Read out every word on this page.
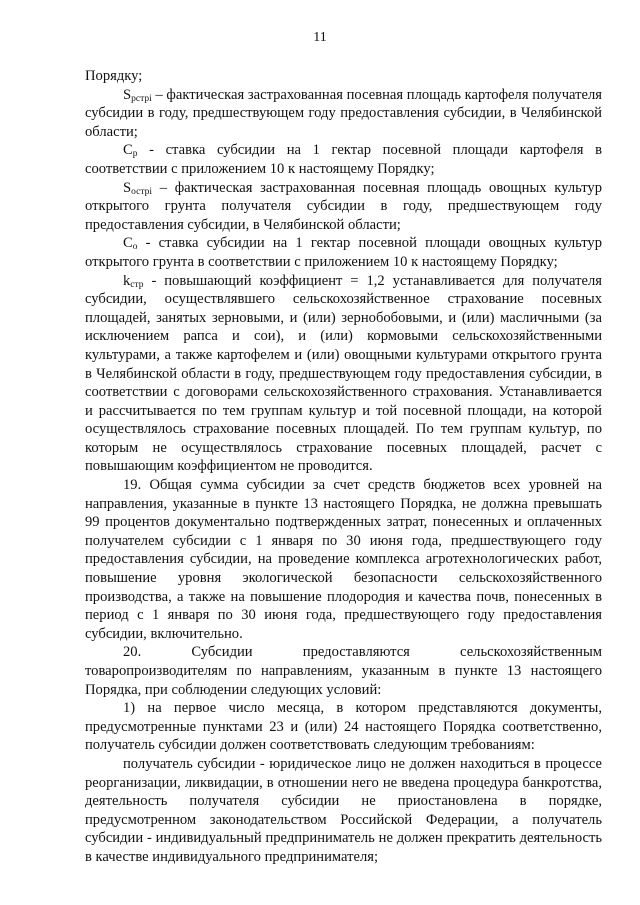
11

Порядку;

$S_{рстрi}$ – фактическая застрахованная посевная площадь картофеля получателя субсидии в году, предшествующем году предоставления субсидии, в Челябинской области;

$C_р$ - ставка субсидии на 1 гектар посевной площади картофеля в соответствии с приложением 10 к настоящему Порядку;

$S_{острi}$ – фактическая застрахованная посевная площадь овощных культур открытого грунта получателя субсидии в году, предшествующем году предоставления субсидии, в Челябинской области;

$C_о$ - ставка субсидии на 1 гектар посевной площади овощных культур открытого грунта в соответствии с приложением 10 к настоящему Порядку;

$k_{стр}$ - повышающий коэффициент = 1,2 устанавливается для получателя субсидии, осуществлявшего сельскохозяйственное страхование посевных площадей, занятых зерновыми, и (или) зернобобовыми, и (или) масличными (за исключением рапса и сои), и (или) кормовыми сельскохозяйственными культурами, а также картофелем и (или) овощными культурами открытого грунта в Челябинской области в году, предшествующем году предоставления субсидии, в соответствии с договорами сельскохозяйственного страхования. Устанавливается и рассчитывается по тем группам культур и той посевной площади, на которой осуществлялось страхование посевных площадей. По тем группам культур, по которым не осуществлялось страхование посевных площадей, расчет с повышающим коэффициентом не проводится.

19. Общая сумма субсидии за счет средств бюджетов всех уровней на направления, указанные в пункте 13 настоящего Порядка, не должна превышать 99 процентов документально подтвержденных затрат, понесенных и оплаченных получателем субсидии с 1 января по 30 июня года, предшествующего году предоставления субсидии, на проведение комплекса агротехнологических работ, повышение уровня экологической безопасности сельскохозяйственного производства, а также на повышение плодородия и качества почв, понесенных в период с 1 января по 30 июня года, предшествующего году предоставления субсидии, включительно.

20. Субсидии предоставляются сельскохозяйственным товаропроизводителям по направлениям, указанным в пункте 13 настоящего Порядка, при соблюдении следующих условий:

1) на первое число месяца, в котором представляются документы, предусмотренные пунктами 23 и (или) 24 настоящего Порядка соответственно, получатель субсидии должен соответствовать следующим требованиям:

получатель субсидии - юридическое лицо не должен находиться в процессе реорганизации, ликвидации, в отношении него не введена процедура банкротства, деятельность получателя субсидии не приостановлена в порядке, предусмотренном законодательством Российской Федерации, а получатель субсидии - индивидуальный предприниматель не должен прекратить деятельность в качестве индивидуального предпринимателя;
